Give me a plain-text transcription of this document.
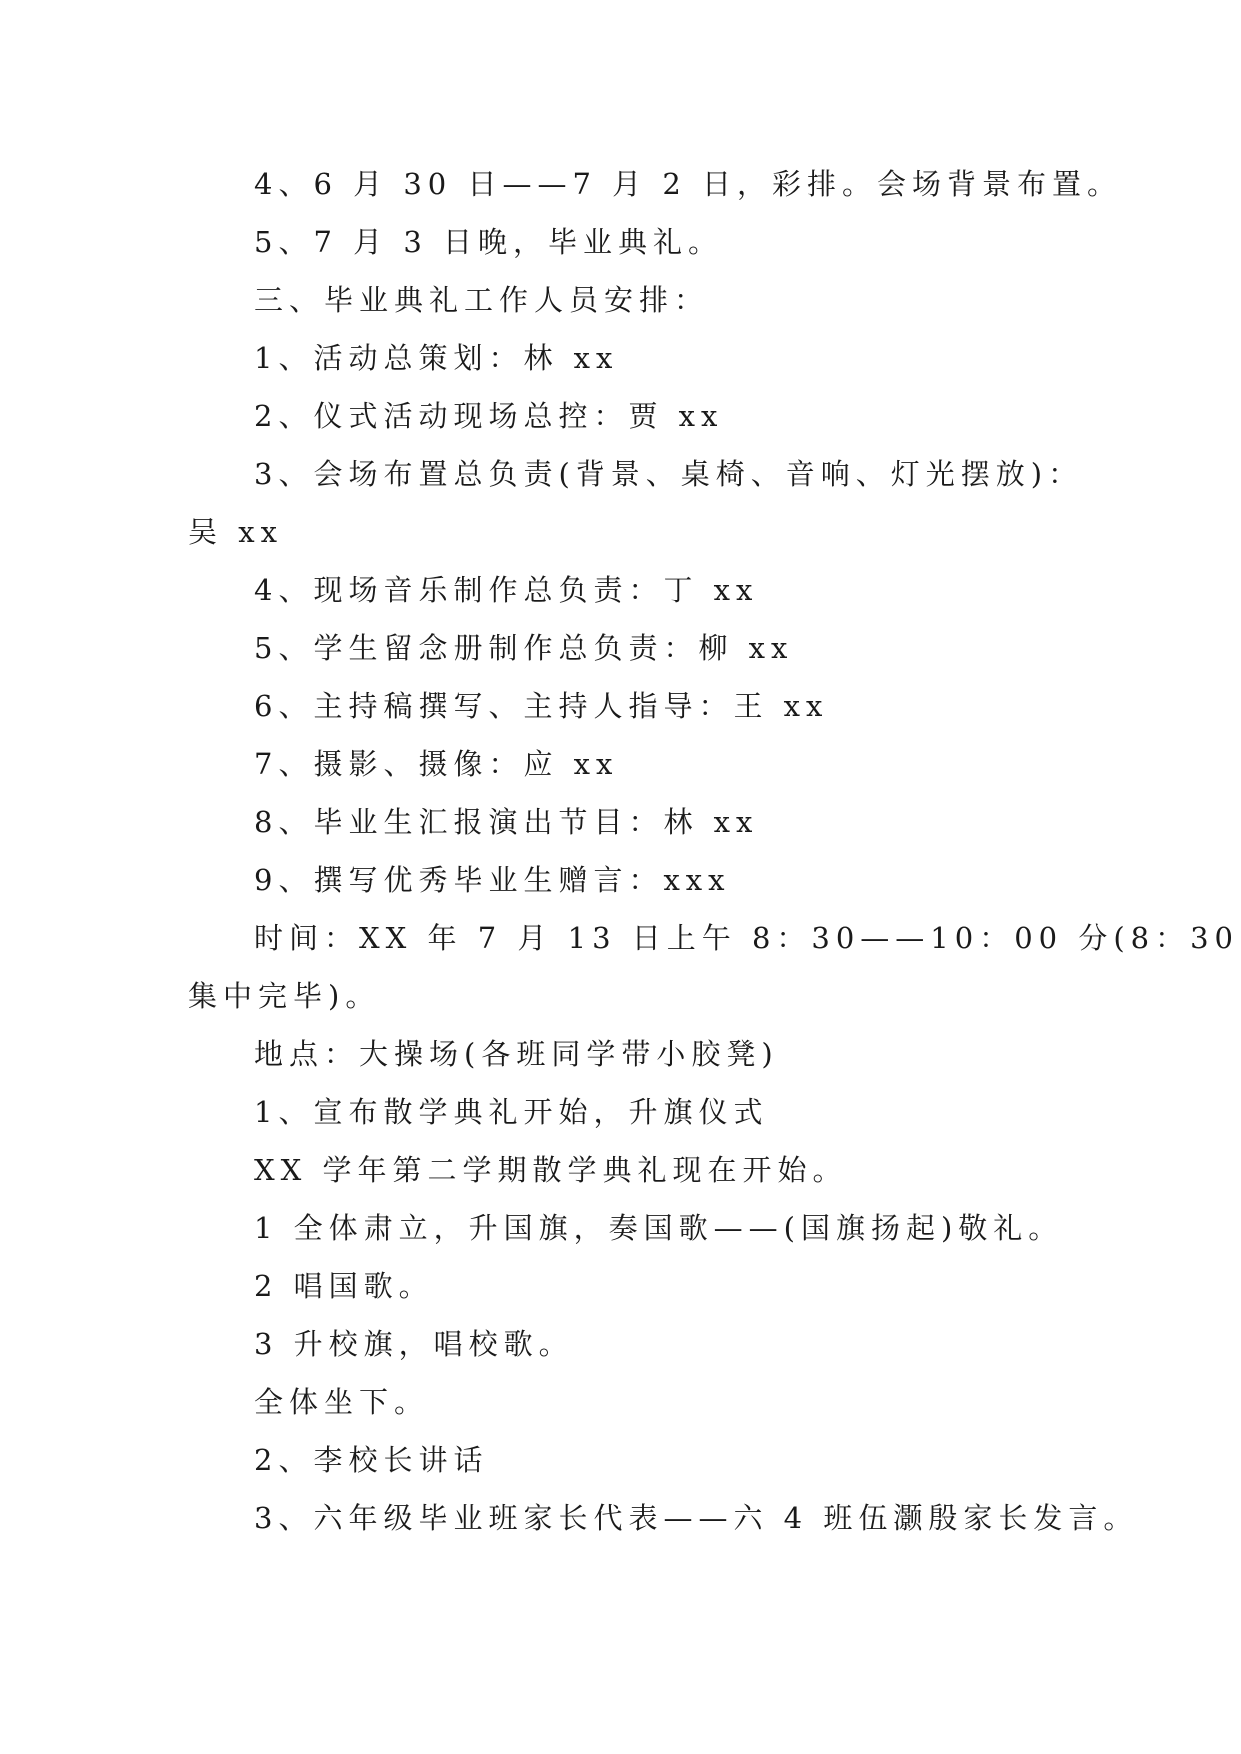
4、6 月 30 日——7 月 2 日，彩排。会场背景布置。
5、7 月 3 日晚，毕业典礼。
三、毕业典礼工作人员安排：
1、活动总策划：林 xx
2、仪式活动现场总控：贾 xx
3、会场布置总负责(背景、桌椅、音响、灯光摆放)：
吴 xx
4、现场音乐制作总负责：丁 xx
5、学生留念册制作总负责：柳 xx
6、主持稿撰写、主持人指导：王 xx
7、摄影、摄像：应 xx
8、毕业生汇报演出节目：林 xx
9、撰写优秀毕业生赠言：xxx
时间：XX 年 7 月 13 日上午 8：30——10：00 分(8：30
集中完毕)。
地点：大操场(各班同学带小胶凳)
1、宣布散学典礼开始，升旗仪式
XX 学年第二学期散学典礼现在开始。
1 全体肃立，升国旗，奏国歌——(国旗扬起)敬礼。
2 唱国歌。
3 升校旗，唱校歌。
全体坐下。
2、李校长讲话
3、六年级毕业班家长代表——六 4 班伍灏殷家长发言。
